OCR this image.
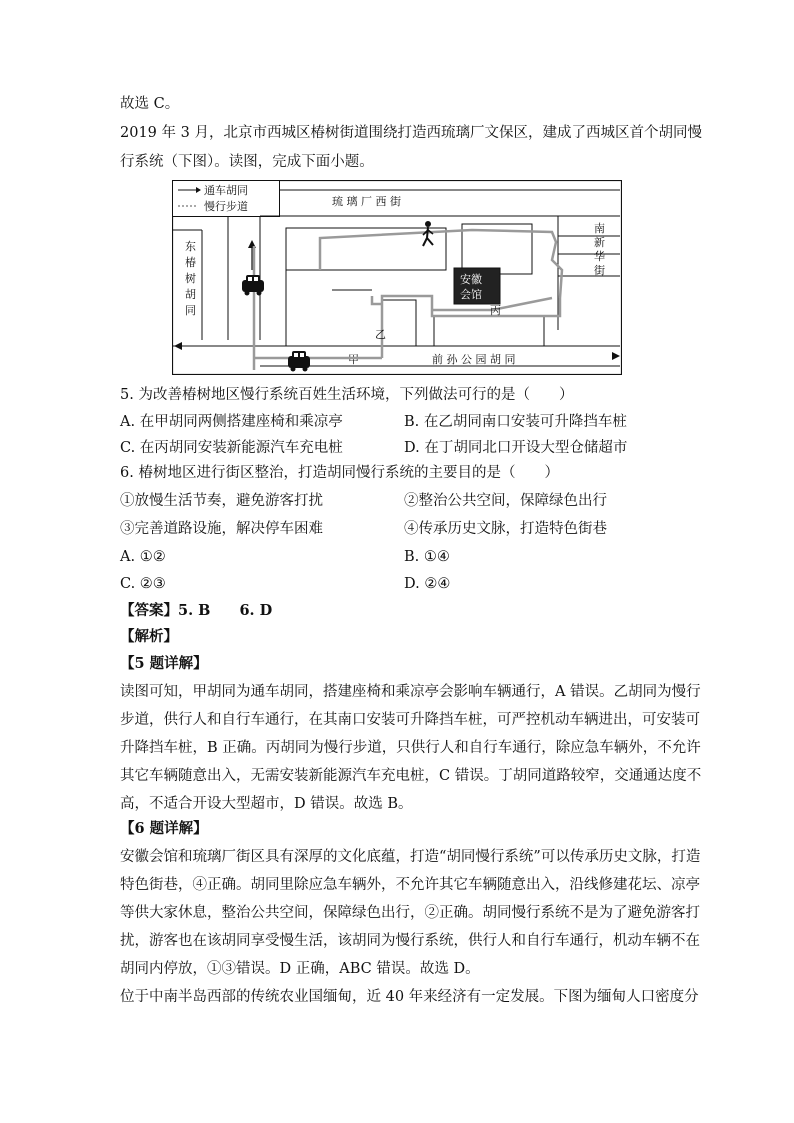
故选 C。
2019 年 3 月，北京市西城区椿树街道围绕打造西琉璃厂文保区，建成了西城区首个胡同慢
行系统（下图）。读图，完成下面小题。
通车胡同
慢行步道	琉 璃 厂 西 街
东
椿
树
胡
同
前 孙 公 园 胡 同
甲
南
新
华
街
乙
丙
安徽
会馆
5. 为改善椿树地区慢行系统百姓生活环境，下列做法可行的是（　　）
A. 在甲胡同两侧搭建座椅和乘凉亭	B. 在乙胡同南口安装可升降挡车桩
C. 在丙胡同安装新能源汽车充电桩	D. 在丁胡同北口开设大型仓储超市
6. 椿树地区进行街区整治，打造胡同慢行系统的主要目的是（　　）
①放慢生活节奏，避免游客打扰	②整治公共空间，保障绿色出行
③完善道路设施，解决停车困难	④传承历史文脉，打造特色街巷
A. ①②	B. ①④
C. ②③	D. ②④
【答案】5. B　　6. D
【解析】
【5 题详解】
读图可知，甲胡同为通车胡同，搭建座椅和乘凉亭会影响车辆通行，A 错误。乙胡同为慢行
步道，供行人和自行车通行，在其南口安装可升降挡车桩，可严控机动车辆进出，可安装可
升降挡车桩，B 正确。丙胡同为慢行步道，只供行人和自行车通行，除应急车辆外，不允许
其它车辆随意出入，无需安装新能源汽车充电桩，C 错误。丁胡同道路较窄，交通通达度不
高，不适合开设大型超市，D 错误。故选 B。
【6 题详解】
安徽会馆和琉璃厂街区具有深厚的文化底蕴，打造“胡同慢行系统”可以传承历史文脉，打造
特色街巷，④正确。胡同里除应急车辆外，不允许其它车辆随意出入，沿线修建花坛、凉亭
等供大家休息，整治公共空间，保障绿色出行，②正确。胡同慢行系统不是为了避免游客打
扰，游客也在该胡同享受慢生活，该胡同为慢行系统，供行人和自行车通行，机动车辆不在
胡同内停放，①③错误。D 正确，ABC 错误。故选 D。
位于中南半岛西部的传统农业国缅甸，近 40 年来经济有一定发展。下图为缅甸人口密度分
